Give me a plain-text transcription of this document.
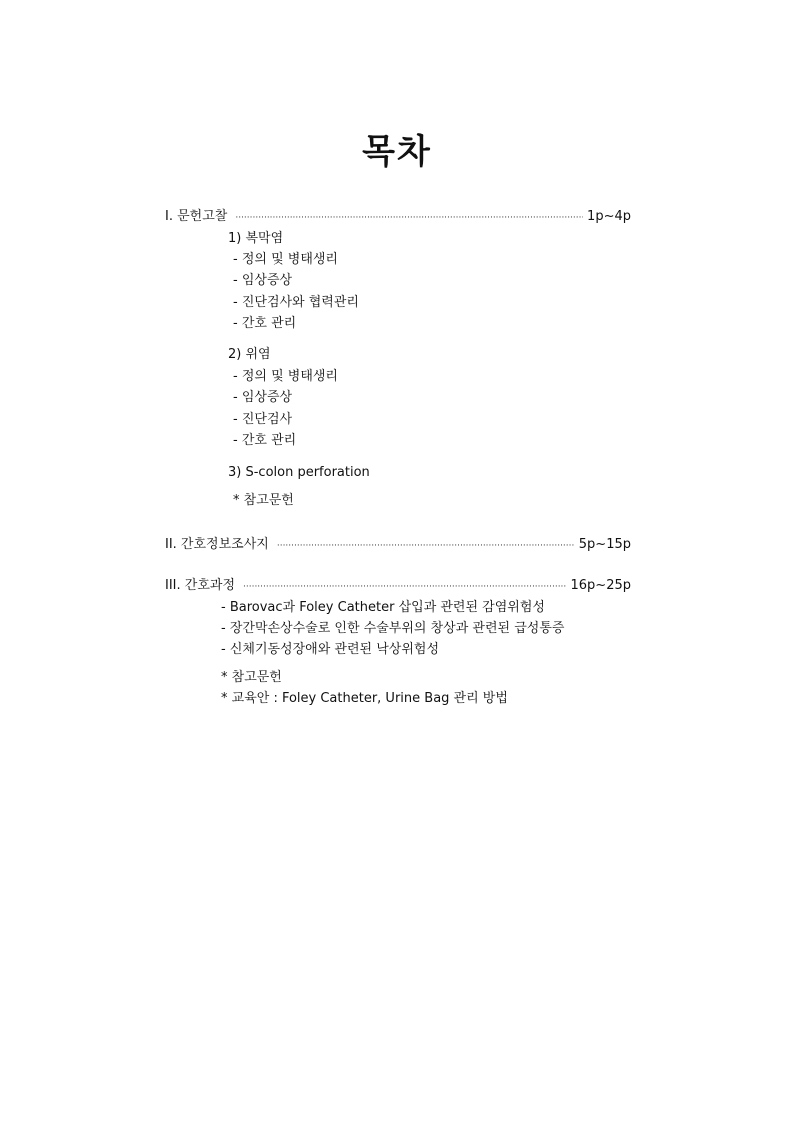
목차
Ⅰ. 문헌고찰 ·····	1p~4p
1) 복막염
- 정의 및 병태생리
- 임상증상
- 진단검사와 협력관리
- 간호 관리
2) 위염
- 정의 및 병태생리
- 임상증상
- 진단검사
- 간호 관리
3) S-colon perforation
* 참고문헌
II. 간호정보조사지 ·····	5p~15p
III. 간호과정 ·····	16p~25p
- Barovac과 Foley Catheter 삽입과 관련된 감염위험성
- 장간막손상수술로 인한 수술부위의 창상과 관련된 급성통증
- 신체기동성장애와 관련된 낙상위험성
* 참고문헌
* 교육안 : Foley Catheter, Urine Bag 관리 방법
